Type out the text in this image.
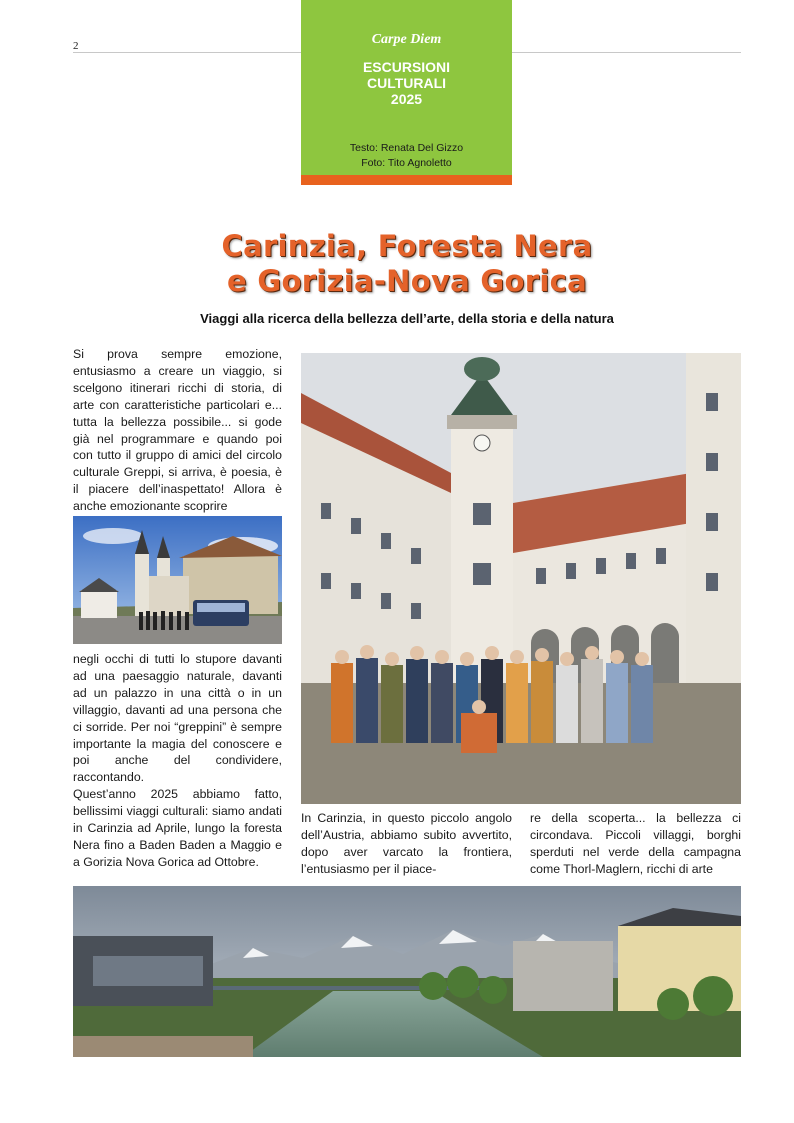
2	Carpe Diem
ESCURSIONI
CULTURALI
2025
Testo: Renata Del Gizzo
Foto: Tito Agnoletto
Carinzia, Foresta Nera
e Gorizia-Nova Gorica
Viaggi alla ricerca della bellezza dell’arte, della storia e della natura

Si prova sempre emozione, entusiasmo a creare un viaggio, si scelgono itinerari ricchi di storia, di arte con caratteristiche particolari e... tutta la bellezza possibile... si gode già nel programmare e quando poi con tutto il gruppo di amici del circolo culturale Greppi, si arriva, è poesia, è il piacere dell’inaspettato! Allora è anche emozionante scoprire

negli occhi di tutti lo stupore davanti ad una paesaggio naturale, davanti ad un palazzo in una città o in un villaggio, davanti ad una persona che ci sorride. Per noi “greppini” è sempre importante la magia del conoscere e poi anche del condividere, raccontando.

Quest’anno 2025 abbiamo fatto, bellissimi viaggi culturali: siamo andati in Carinzia ad Aprile, lungo la foresta Nera fino a Baden Baden a Maggio e a Gorizia Nova Gorica ad Ottobre.

In Carinzia, in questo piccolo angolo dell’Austria, abbiamo subito avvertito, dopo aver varcato la frontiera, l’entusiasmo per il piace-

re della scoperta... la bellezza ci circondava. Piccoli villaggi, borghi sperduti nel verde della campagna come Thorl-Maglern, ricchi di arte
